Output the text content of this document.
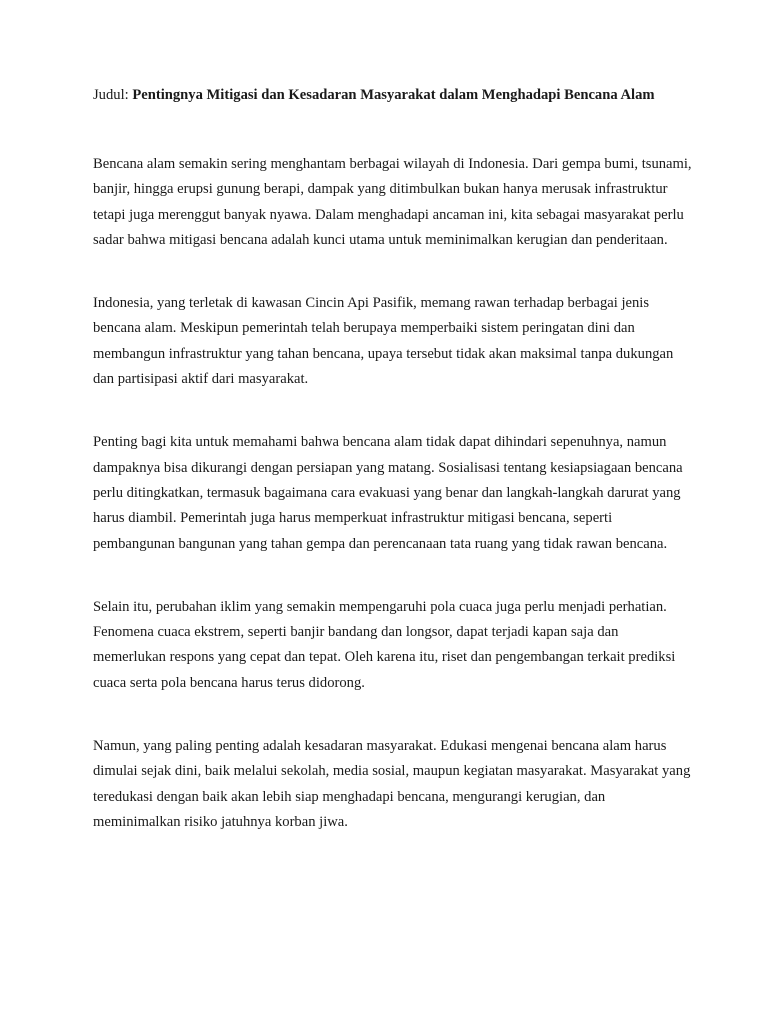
Judul: Pentingnya Mitigasi dan Kesadaran Masyarakat dalam Menghadapi Bencana Alam

Bencana alam semakin sering menghantam berbagai wilayah di Indonesia. Dari gempa bumi, tsunami, banjir, hingga erupsi gunung berapi, dampak yang ditimbulkan bukan hanya merusak infrastruktur tetapi juga merenggut banyak nyawa. Dalam menghadapi ancaman ini, kita sebagai masyarakat perlu sadar bahwa mitigasi bencana adalah kunci utama untuk meminimalkan kerugian dan penderitaan.

Indonesia, yang terletak di kawasan Cincin Api Pasifik, memang rawan terhadap berbagai jenis bencana alam. Meskipun pemerintah telah berupaya memperbaiki sistem peringatan dini dan membangun infrastruktur yang tahan bencana, upaya tersebut tidak akan maksimal tanpa dukungan dan partisipasi aktif dari masyarakat.

Penting bagi kita untuk memahami bahwa bencana alam tidak dapat dihindari sepenuhnya, namun dampaknya bisa dikurangi dengan persiapan yang matang. Sosialisasi tentang kesiapsiagaan bencana perlu ditingkatkan, termasuk bagaimana cara evakuasi yang benar dan langkah-langkah darurat yang harus diambil. Pemerintah juga harus memperkuat infrastruktur mitigasi bencana, seperti pembangunan bangunan yang tahan gempa dan perencanaan tata ruang yang tidak rawan bencana.

Selain itu, perubahan iklim yang semakin mempengaruhi pola cuaca juga perlu menjadi perhatian. Fenomena cuaca ekstrem, seperti banjir bandang dan longsor, dapat terjadi kapan saja dan memerlukan respons yang cepat dan tepat. Oleh karena itu, riset dan pengembangan terkait prediksi cuaca serta pola bencana harus terus didorong.

Namun, yang paling penting adalah kesadaran masyarakat. Edukasi mengenai bencana alam harus dimulai sejak dini, baik melalui sekolah, media sosial, maupun kegiatan masyarakat. Masyarakat yang teredukasi dengan baik akan lebih siap menghadapi bencana, mengurangi kerugian, dan meminimalkan risiko jatuhnya korban jiwa.
